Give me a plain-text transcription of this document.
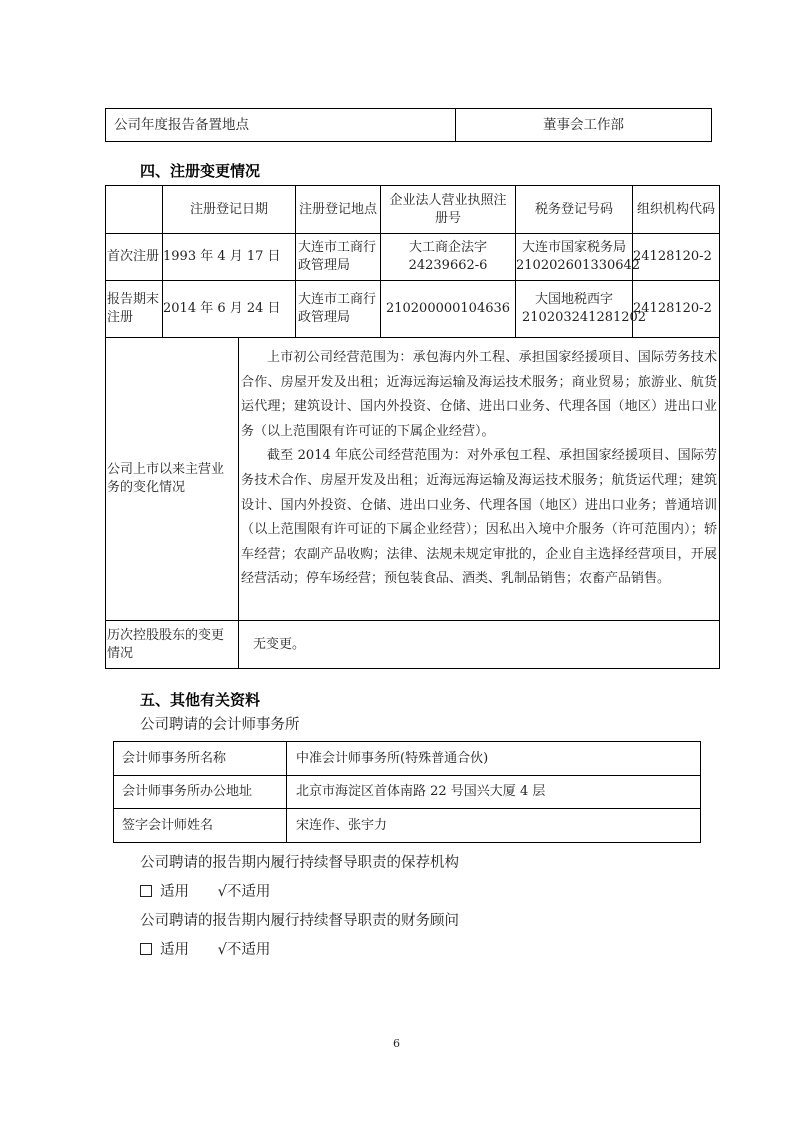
公司年度报告备置地点	董事会工作部
四、注册变更情况
	注册登记日期		注册登记地点	企业法人营业执照注册号	税务登记号码	组织机构代码
首次注册	1993 年 4 月 17 日		大连市工商行政管理局	大工商企法字 24239662-6	大连市国家税务局 210202601330642	24128120-2
报告期末注册	2014 年 6 月 24 日		大连市工商行政管理局	210200000104636	大国地税西字 210203241281202	24128120-2
公司上市以来主营业务的变化情况		上市初公司经营范围为：承包海内外工程、承担国家经援项目、国际劳务技术合作、房屋开发及出租；近海远海运输及海运技术服务；商业贸易；旅游业、航货运代理；建筑设计、国内外投资、仓储、进出口业务、代理各国（地区）进出口业务（以上范围限有许可证的下属企业经营）。

截至 2014 年底公司经营范围为：对外承包工程、承担国家经援项目、国际劳务技术合作、房屋开发及出租；近海远海运输及海运技术服务；航货运代理；建筑设计、国内外投资、仓储、进出口业务、代理各国（地区）进出口业务；普通培训（以上范围限有许可证的下属企业经营）；因私出入境中介服务（许可范围内）；轿车经营；农副产品收购；法律、法规未规定审批的，企业自主选择经营项目，开展经营活动；停车场经营；预包装食品、酒类、乳制品销售；农畜产品销售。				

历次控股股东的变更情况		无变更。				
五、其他有关资料
公司聘请的会计师事务所
会计师事务所名称	中准会计师事务所(特殊普通合伙)
会计师事务所办公地址	北京市海淀区首体南路 22 号国兴大厦 4 层
签字会计师姓名	宋连作、张宇力
公司聘请的报告期内履行持续督导职责的保荐机构
适用 √不适用
公司聘请的报告期内履行持续督导职责的财务顾问
适用 √不适用
6
